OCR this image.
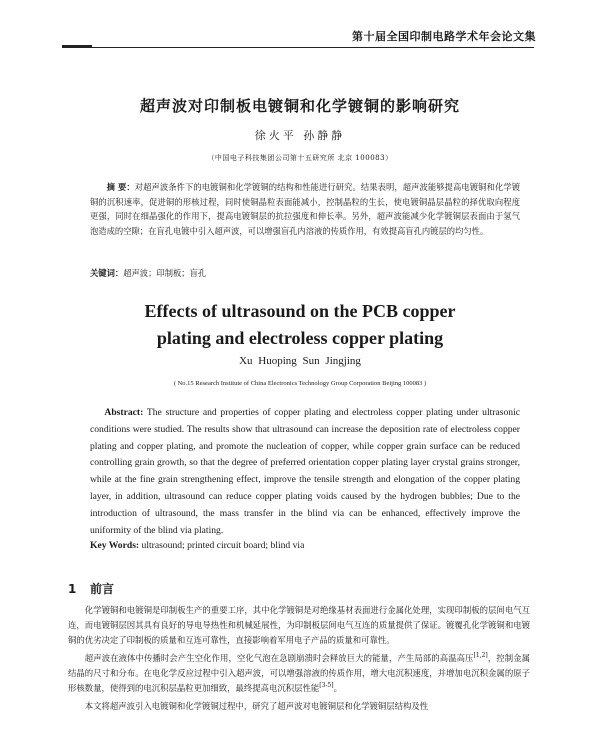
第十届全国印制电路学术年会论文集
超声波对印制板电镀铜和化学镀铜的影响研究
徐火平 孙静静
（中国电子科技集团公司第十五研究所 北京 100083）
摘 要：对超声波条件下的电镀铜和化学镀铜的结构和性能进行研究。结果表明，超声波能够提高电镀铜和化学镀铜的沉积速率，促进铜的形核过程，同时使铜晶粒表面能减小，控制晶粒的生长，使电镀铜晶层晶粒的择优取向程度更强，同时在细晶强化的作用下，提高电镀铜层的抗拉强度和伸长率。另外，超声波能减少化学镀铜层表面由于氢气泡造成的空隙；在盲孔电镀中引入超声波，可以增强盲孔内溶液的传质作用，有效提高盲孔内镀层的均匀性。
关键词：超声波；印制板；盲孔
Effects of ultrasound on the PCB copper
plating and electroless copper plating
Xu Huoping Sun Jingjing
( No.15 Research Institute of China Electronics Technology Group Corporation Beijing 100083 )
Abstract: The structure and properties of copper plating and electroless copper plating under ultrasonic conditions were studied. The results show that ultrasound can increase the deposition rate of electroless copper plating and copper plating, and promote the nucleation of copper, while copper grain surface can be reduced controlling grain growth, so that the degree of preferred orientation copper plating layer crystal grains stronger, while at the fine grain strengthening effect, improve the tensile strength and elongation of the copper plating layer, in addition, ultrasound can reduce copper plating voids caused by the hydrogen bubbles; Due to the introduction of ultrasound, the mass transfer in the blind via can be enhanced, effectively improve the uniformity of the blind via plating.
Key Words: ultrasound; printed circuit board; blind via
1 前言

化学镀铜和电镀铜是印制板生产的重要工序，其中化学镀铜是对绝缘基材表面进行金属化处理，实现印制板的层间电气互连，而电镀铜层因其具有良好的导电导热性和机械延展性，为印制板层间电气互连的质量提供了保证。镀覆孔化学镀铜和电镀铜的优劣决定了印制板的质量和互连可靠性，直接影响着军用电子产品的质量和可靠性。

超声波在液体中传播时会产生空化作用，空化气泡在急剧崩溃时会释放巨大的能量，产生局部的高温高压[1,2]，控制金属结晶的尺寸和分布。在电化学反应过程中引入超声波，可以增强溶液的传质作用，增大电沉积速度，并增加电沉积金属的原子形核数量，使得到的电沉积层晶粒更加细致，最终提高电沉积层性能[3-5]。

本文将超声波引入电镀铜和化学镀铜过程中，研究了超声波对电镀铜层和化学镀铜层结构及性
